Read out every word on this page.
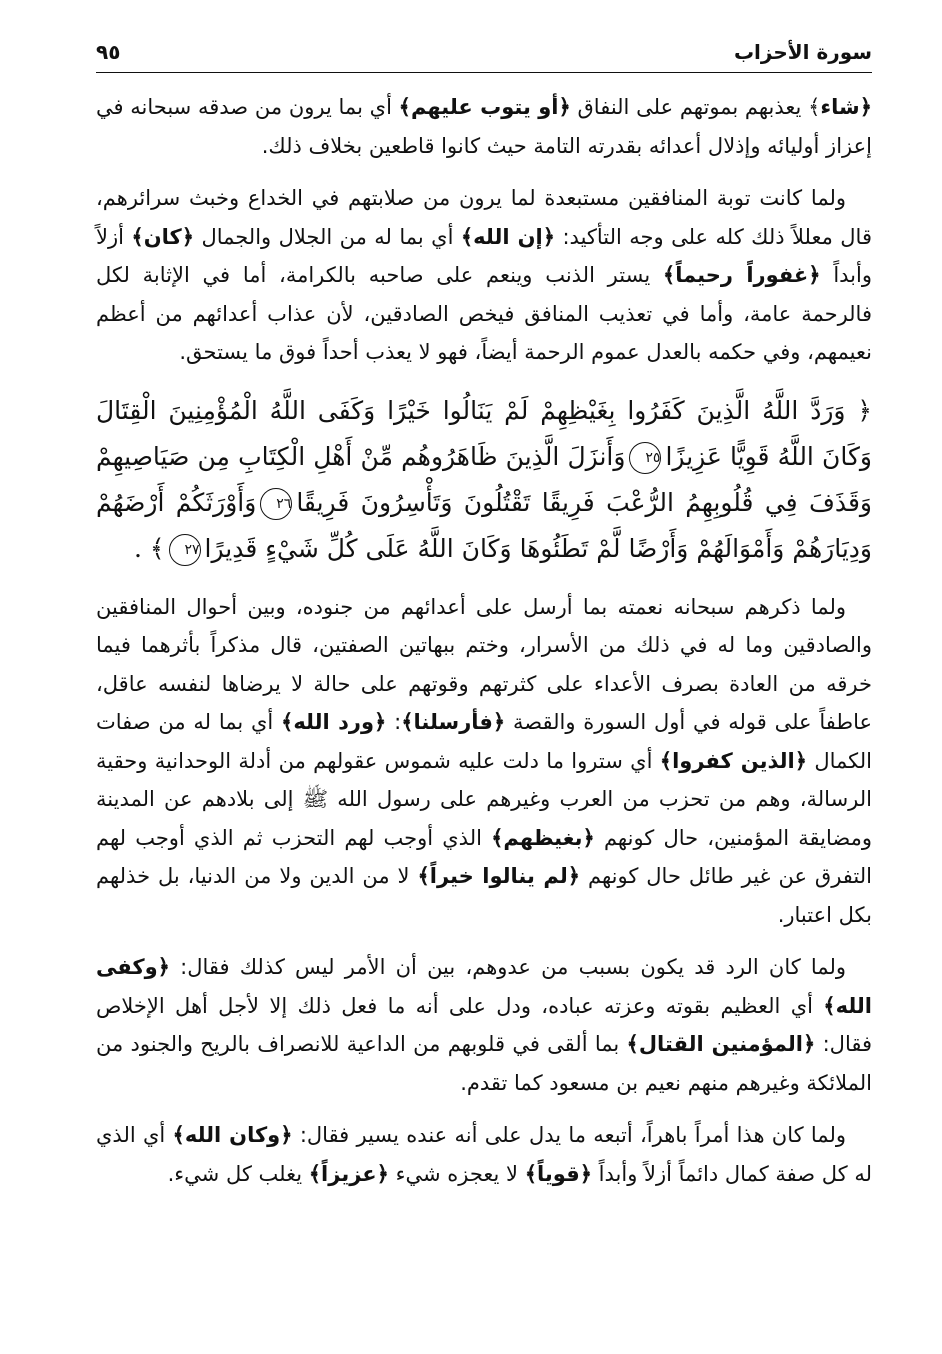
سورة الأحزاب
٩٥

﴿شاء﴾ يعذبهم بموتهم على النفاق ﴿أو يتوب عليهم﴾ أي بما يرون من صدقه سبحانه في إعزاز أوليائه وإذلال أعدائه بقدرته التامة حيث كانوا قاطعين بخلاف ذلك.

ولما كانت توبة المنافقين مستبعدة لما يرون من صلابتهم في الخداع وخبث سرائرهم، قال معللاً ذلك كله على وجه التأكيد: ﴿إن الله﴾ أي بما له من الجلال والجمال ﴿كان﴾ أزلاً وأبداً ﴿غفوراً رحيماً﴾ يستر الذنب وينعم على صاحبه بالكرامة، أما في الإثابة لكل فالرحمة عامة، وأما في تعذيب المنافق فيخص الصادقين، لأن عذاب أعدائهم من أعظم نعيمهم، وفي حكمه بالعدل عموم الرحمة أيضاً، فهو لا يعذب أحداً فوق ما يستحق.

﴿ وَرَدَّ اللَّهُ الَّذِينَ كَفَرُوا بِغَيْظِهِمْ لَمْ يَنَالُوا خَيْرًا وَكَفَى اللَّهُ الْمُؤْمِنِينَ الْقِتَالَ وَكَانَ اللَّهُ قَوِيًّا عَزِيزًا٢٥وَأَنزَلَ الَّذِينَ ظَاهَرُوهُم مِّنْ أَهْلِ الْكِتَابِ مِن صَيَاصِيهِمْ وَقَذَفَ فِي قُلُوبِهِمُ الرُّعْبَ فَرِيقًا تَقْتُلُونَ وَتَأْسِرُونَ فَرِيقًا٢٦وَأَوْرَثَكُمْ أَرْضَهُمْ وَدِيَارَهُمْ وَأَمْوَالَهُمْ وَأَرْضًا لَّمْ تَطَئُوهَا وَكَانَ اللَّهُ عَلَى كُلِّ شَيْءٍ قَدِيرًا٢٧﴾ .

ولما ذكرهم سبحانه نعمته بما أرسل على أعدائهم من جنوده، وبين أحوال المنافقين والصادقين وما له في ذلك من الأسرار، وختم ببهاتين الصفتين، قال مذكراً بأثرهما فيما خرقه من العادة بصرف الأعداء على كثرتهم وقوتهم على حالة لا يرضاها لنفسه عاقل، عاطفاً على قوله في أول السورة والقصة ﴿فأرسلنا﴾: ﴿ورد الله﴾ أي بما له من صفات الكمال ﴿الذين كفروا﴾ أي ستروا ما دلت عليه شموس عقولهم من أدلة الوحدانية وحقية الرسالة، وهم من تحزب من العرب وغيرهم على رسول الله ﷺ إلى بلادهم عن المدينة ومضايقة المؤمنين، حال كونهم ﴿بغيظهم﴾ الذي أوجب لهم التحزب ثم الذي أوجب لهم التفرق عن غير طائل حال كونهم ﴿لم ينالوا خيراً﴾ لا من الدين ولا من الدنيا، بل خذلهم بكل اعتبار.

ولما كان الرد قد يكون بسبب من عدوهم، بين أن الأمر ليس كذلك فقال: ﴿وكفى الله﴾ أي العظيم بقوته وعزته عباده، ودل على أنه ما فعل ذلك إلا لأجل أهل الإخلاص فقال: ﴿المؤمنين القتال﴾ بما ألقى في قلوبهم من الداعية للانصراف بالريح والجنود من الملائكة وغيرهم منهم نعيم بن مسعود كما تقدم.

ولما كان هذا أمراً باهراً، أتبعه ما يدل على أنه عنده يسير فقال: ﴿وكان الله﴾ أي الذي له كل صفة كمال دائماً أزلاً وأبداً ﴿قوياً﴾ لا يعجزه شيء ﴿عزيزاً﴾ يغلب كل شيء.
